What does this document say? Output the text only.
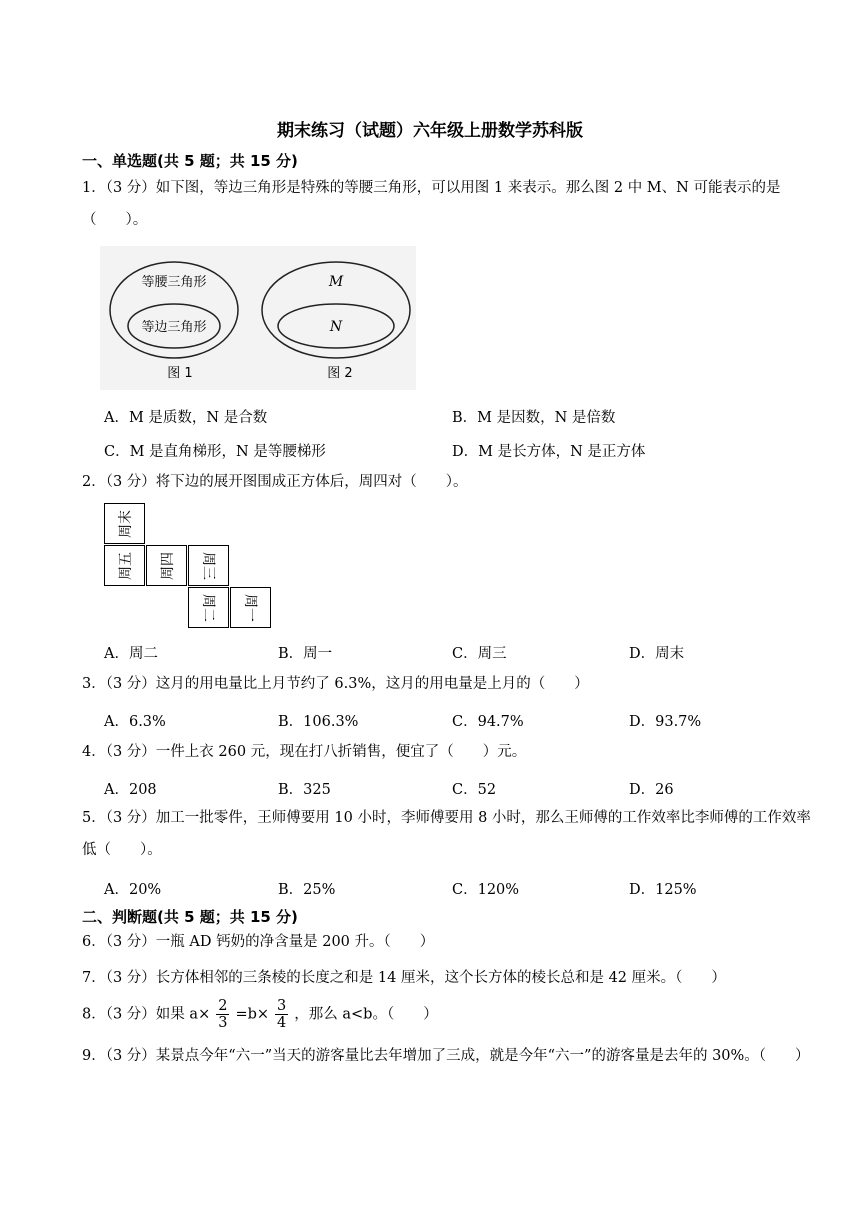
期末练习（试题）六年级上册数学苏科版
一、单选题(共 5 题；共 15 分)
1．（3 分）如下图，等边三角形是特殊的等腰三角形，可以用图 1 来表示。那么图 2 中 M、N 可能表示的是（　　）。
等腰三角形
等边三角形
图 1
M
N
图 2
A．M 是质数，N 是合数	B．M 是因数，N 是倍数
C．M 是直角梯形，N 是等腰梯形	D．M 是长方体，N 是正方体
2．（3 分）将下边的展开图围成正方体后，周四对（　　）。
周末
周五 周四 周三
周二 周一
A．周二	B．周一	C．周三	D．周末
3．（3 分）这月的用电量比上月节约了 6.3%，这月的用电量是上月的（　　）
A．6.3%	B．106.3%	C．94.7%	D．93.7%
4．（3 分）一件上衣 260 元，现在打八折销售，便宜了（　　）元。
A．208	B．325	C．52	D．26
5．（3 分）加工一批零件，王师傅要用 10 小时，李师傅要用 8 小时，那么王师傅的工作效率比李师傅的工作效率低（　　）。
A．20%	B．25%	C．120%	D．125%
二、判断题(共 5 题；共 15 分)
6．（3 分）一瓶 AD 钙奶的净含量是 200 升。（　　）
7．（3 分）长方体相邻的三条棱的长度之和是 14 厘米，这个长方体的棱长总和是 42 厘米。（　　）
8．（3 分）如果 $a\times \frac{2}{3} =b\times \frac{3}{4}$ ，那么 a<b。（　　）
9．（3 分）某景点今年“六一”当天的游客量比去年增加了三成，就是今年“六一”的游客量是去年的 30%。（　　）
